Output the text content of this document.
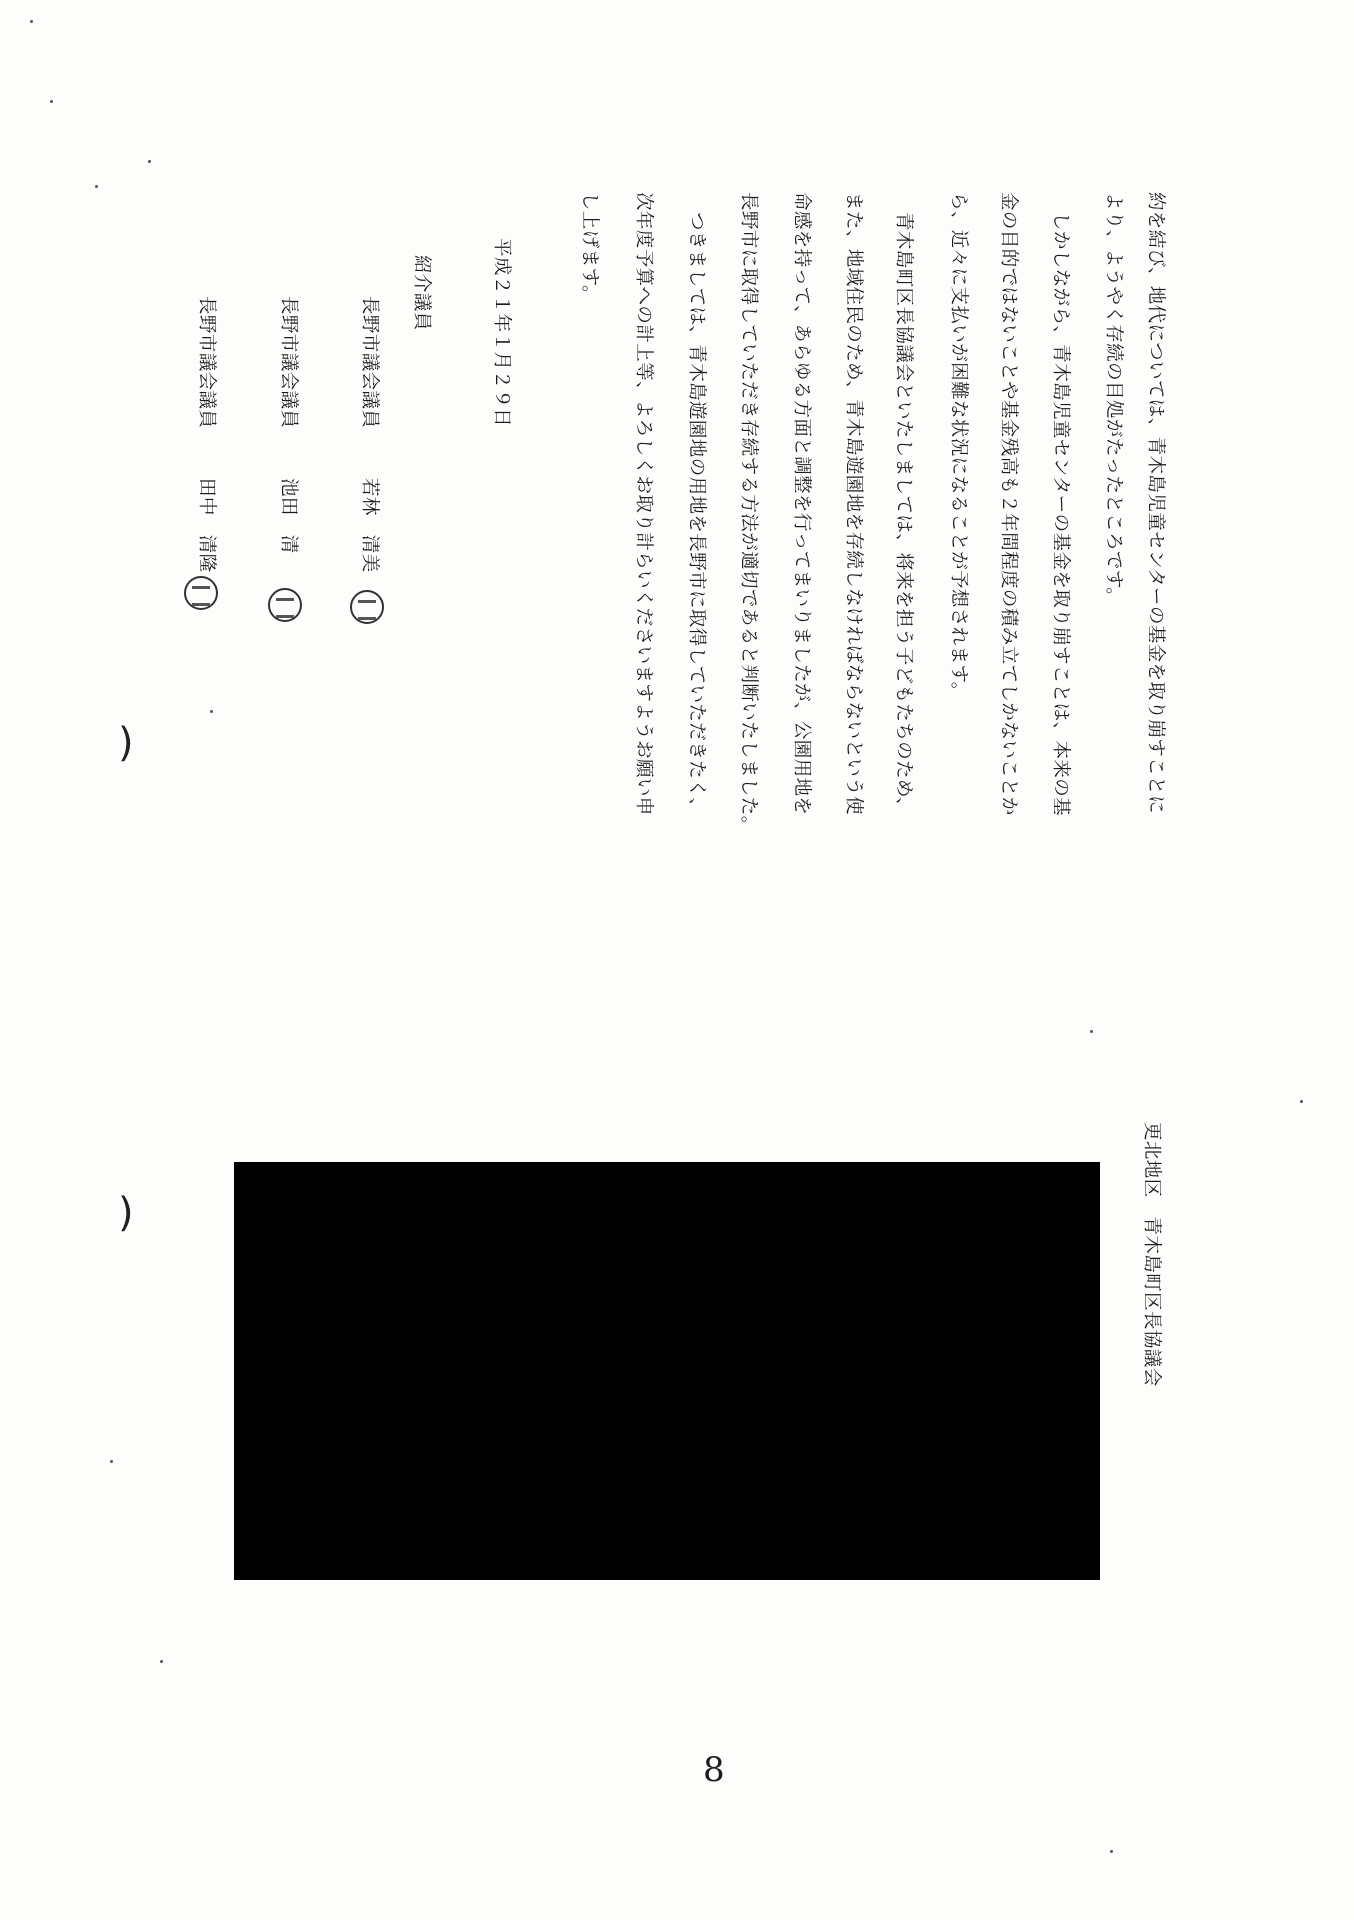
約を結び、地代については、青木島児童センターの基金を取り崩すことに
より、ようやく存続の目処がたったところです。
しかしながら、青木島児童センターの基金を取り崩すことは、本来の基
金の目的ではないことや基金残高も２年間程度の積み立てしかないことか
ら、近々に支払いが困難な状況になることが予想されます。
青木島町区長協議会といたしましては、将来を担う子どもたちのため、
また、地域住民のため、青木島遊園地を存続しなければならないという使
命感を持って、あらゆる方面と調整を行ってまいりましたが、公園用地を
長野市に取得していただき存続する方法が適切であると判断いたしました。
つきましては、青木島遊園地の用地を長野市に取得していただきたく、
次年度予算への計上等、よろしくお取り計らいくださいますようお願い申
し上げます。
平成２１年１月２９日
紹介議員
長野市議会議員
若林　清美
長野市議会議員
池田　清
長野市議会議員
田中　清隆
更北地区　青木島町区長協議会
)
)
8
